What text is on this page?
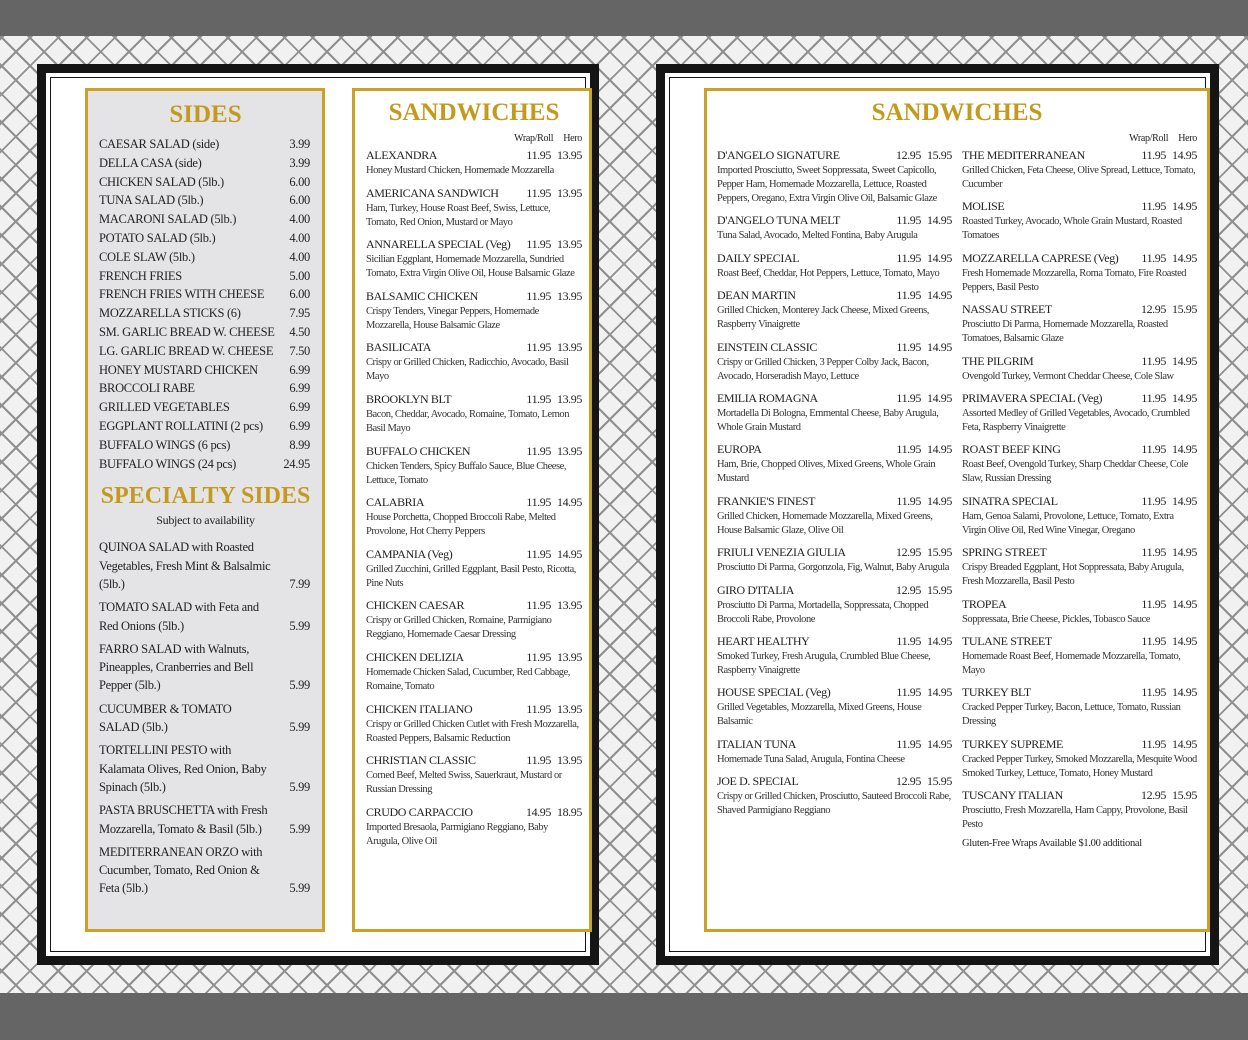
SIDES
CAESAR SALAD (side)	3.99
DELLA CASA (side)	3.99
CHICKEN SALAD (5lb.)	6.00
TUNA SALAD (5lb.)	6.00
MACARONI SALAD (5lb.)	4.00
POTATO SALAD (5lb.)	4.00
COLE SLAW (5lb.)	4.00
FRENCH FRIES	5.00
FRENCH FRIES WITH CHEESE 6.00
MOZZARELLA STICKS (6)	7.95
SM. GARLIC BREAD W. CHEESE 4.50
LG. GARLIC BREAD W. CHEESE 7.50
HONEY MUSTARD CHICKEN	6.99
BROCCOLI RABE	6.99
GRILLED VEGETABLES	6.99
EGGPLANT ROLLATINI (2 pcs) 6.99
BUFFALO WINGS (6 pcs)	8.99
BUFFALO WINGS (24 pcs)	24.95
SPECIALTY SIDES
Subject to availability
QUINOA SALAD with Roasted Vegetables, Fresh Mint & Balsalmic (5lb.)	7.99
TOMATO SALAD with Feta and Red Onions (5lb.)	5.99
FARRO SALAD with Walnuts, Pineapples, Cranberries and Bell Pepper (5lb.)	5.99
CUCUMBER & TOMATO SALAD (5lb.)	5.99
TORTELLINI PESTO with Kalamata Olives, Red Onion, Baby Spinach (5lb.)	5.99
PASTA BRUSCHETTA with Fresh Mozzarella, Tomato & Basil (5lb.) 5.99
MEDITERRANEAN ORZO with Cucumber, Tomato, Red Onion & Feta (5lb.)	5.99
SANDWICHES
Wrap/Roll Hero
ALEXANDRA	11.95 13.95
Honey Mustard Chicken, Homemade Mozzarella
AMERICANA SANDWICH 11.95 13.95
Ham, Turkey, House Roast Beef, Swiss, Lettuce, Tomato, Red Onion, Mustard or Mayo
ANNARELLA SPECIAL (Veg) 11.95 13.95
Sicilian Eggplant, Homemade Mozzarella, Sundried Tomato, Extra Virgin Olive Oil, House Balsamic Glaze
BALSAMIC CHICKEN	11.95 13.95
Crispy Tenders, Vinegar Peppers, Homemade Mozzarella, House Balsamic Glaze
BASILICATA	11.95 13.95
Crispy or Grilled Chicken, Radicchio, Avocado, Basil Mayo
BROOKLYN BLT	11.95 13.95
Bacon, Cheddar, Avocado, Romaine, Tomato, Lemon Basil Mayo
BUFFALO CHICKEN	11.95 13.95
Chicken Tenders, Spicy Buffalo Sauce, Blue Cheese, Lettuce, Tomato
CALABRIA	11.95 14.95
House Porchetta, Chopped Broccoli Rabe, Melted Provolone, Hot Cherry Peppers
CAMPANIA (Veg)	11.95 14.95
Grilled Zucchini, Grilled Eggplant, Basil Pesto, Ricotta, Pine Nuts
CHICKEN CAESAR	11.95 13.95
Crispy or Grilled Chicken, Romaine, Parmigiano Reggiano, Homemade Caesar Dressing
CHICKEN DELIZIA	11.95 13.95
Homemade Chicken Salad, Cucumber, Red Cabbage, Romaine, Tomato
CHICKEN ITALIANO	11.95 13.95
Crispy or Grilled Chicken Cutlet with Fresh Mozzarella, Roasted Peppers, Balsamic Reduction
CHRISTIAN CLASSIC	11.95 13.95
Corned Beef, Melted Swiss, Sauerkraut, Mustard or Russian Dressing
CRUDO CARPACCIO	14.95 18.95
Imported Bresaola, Parmigiano Reggiano, Baby Arugula, Olive Oil
SANDWICHES
Wrap/Roll Hero
D'ANGELO SIGNATURE	12.95 15.95
Imported Prosciutto, Sweet Soppressata, Sweet Capicollo, Pepper Ham, Homemade Mozzarella, Lettuce, Roasted Peppers, Oregano, Extra Virgin Olive Oil, Balsamic Glaze
D'ANGELO TUNA MELT	11.95 14.95
Tuna Salad, Avocado, Melted Fontina, Baby Arugula
DAILY SPECIAL	11.95 14.95
Roast Beef, Cheddar, Hot Peppers, Lettuce, Tomato, Mayo
DEAN MARTIN	11.95 14.95
Grilled Chicken, Monterey Jack Cheese, Mixed Greens, Raspberry Vinaigrette
EINSTEIN CLASSIC	11.95 14.95
Crispy or Grilled Chicken, 3 Pepper Colby Jack, Bacon, Avocado, Horseradish Mayo, Lettuce
EMILIA ROMAGNA	11.95 14.95
Mortadella Di Bologna, Emmental Cheese, Baby Arugula, Whole Grain Mustard
EUROPA	11.95 14.95
Ham, Brie, Chopped Olives, Mixed Greens, Whole Grain Mustard
FRANKIE'S FINEST	11.95 14.95
Grilled Chicken, Homemade Mozzarella, Mixed Greens, House Balsamic Glaze, Olive Oil
FRIULI VENEZIA GIULIA	12.95 15.95
Prosciutto Di Parma, Gorgonzola, Fig, Walnut, Baby Arugula
GIRO D'ITALIA	12.95 15.95
Prosciutto Di Parma, Mortadella, Soppressata, Chopped Broccoli Rabe, Provolone
HEART HEALTHY	11.95 14.95
Smoked Turkey, Fresh Arugula, Crumbled Blue Cheese, Raspberry Vinaigrette
HOUSE SPECIAL (Veg)	11.95 14.95
Grilled Vegetables, Mozzarella, Mixed Greens, House Balsamic
ITALIAN TUNA	11.95 14.95
Homemade Tuna Salad, Arugula, Fontina Cheese
JOE D. SPECIAL	12.95 15.95
Crispy or Grilled Chicken, Prosciutto, Sauteed Broccoli Rabe, Shaved Parmigiano Reggiano
THE MEDITERRANEAN	11.95 14.95
Grilled Chicken, Feta Cheese, Olive Spread, Lettuce, Tomato, Cucumber
MOLISE	11.95 14.95
Roasted Turkey, Avocado, Whole Grain Mustard, Roasted Tomatoes
MOZZARELLA CAPRESE (Veg) 11.95 14.95
Fresh Homemade Mozzarella, Roma Tomato, Fire Roasted Peppers, Basil Pesto
NASSAU STREET	12.95 15.95
Prosciutto Di Parma, Homemade Mozzarella, Roasted Tomatoes, Balsamic Glaze
THE PILGRIM	11.95 14.95
Ovengold Turkey, Vermont Cheddar Cheese, Cole Slaw
PRIMAVERA SPECIAL (Veg)	11.95 14.95
Assorted Medley of Grilled Vegetables, Avocado, Crumbled Feta, Raspberry Vinaigrette
ROAST BEEF KING	11.95 14.95
Roast Beef, Ovengold Turkey, Sharp Cheddar Cheese, Cole Slaw, Russian Dressing
SINATRA SPECIAL	11.95 14.95
Ham, Genoa Salami, Provolone, Lettuce, Tomato, Extra Virgin Olive Oil, Red Wine Vinegar, Oregano
SPRING STREET	11.95 14.95
Crispy Breaded Eggplant, Hot Soppressata, Baby Arugula, Fresh Mozzarella, Basil Pesto
TROPEA	11.95 14.95
Soppressata, Brie Cheese, Pickles, Tobasco Sauce
TULANE STREET	11.95 14.95
Homemade Roast Beef, Homemade Mozzarella, Tomato, Mayo
TURKEY BLT	11.95 14.95
Cracked Pepper Turkey, Bacon, Lettuce, Tomato, Russian Dressing
TURKEY SUPREME	11.95 14.95
Cracked Pepper Turkey, Smoked Mozzarella, Mesquite Wood Smoked Turkey, Lettuce, Tomato, Honey Mustard
TUSCANY ITALIAN	12.95 15.95
Prosciutto, Fresh Mozzarella, Ham Cappy, Provolone, Basil Pesto
Gluten-Free Wraps Available $1.00 additional
